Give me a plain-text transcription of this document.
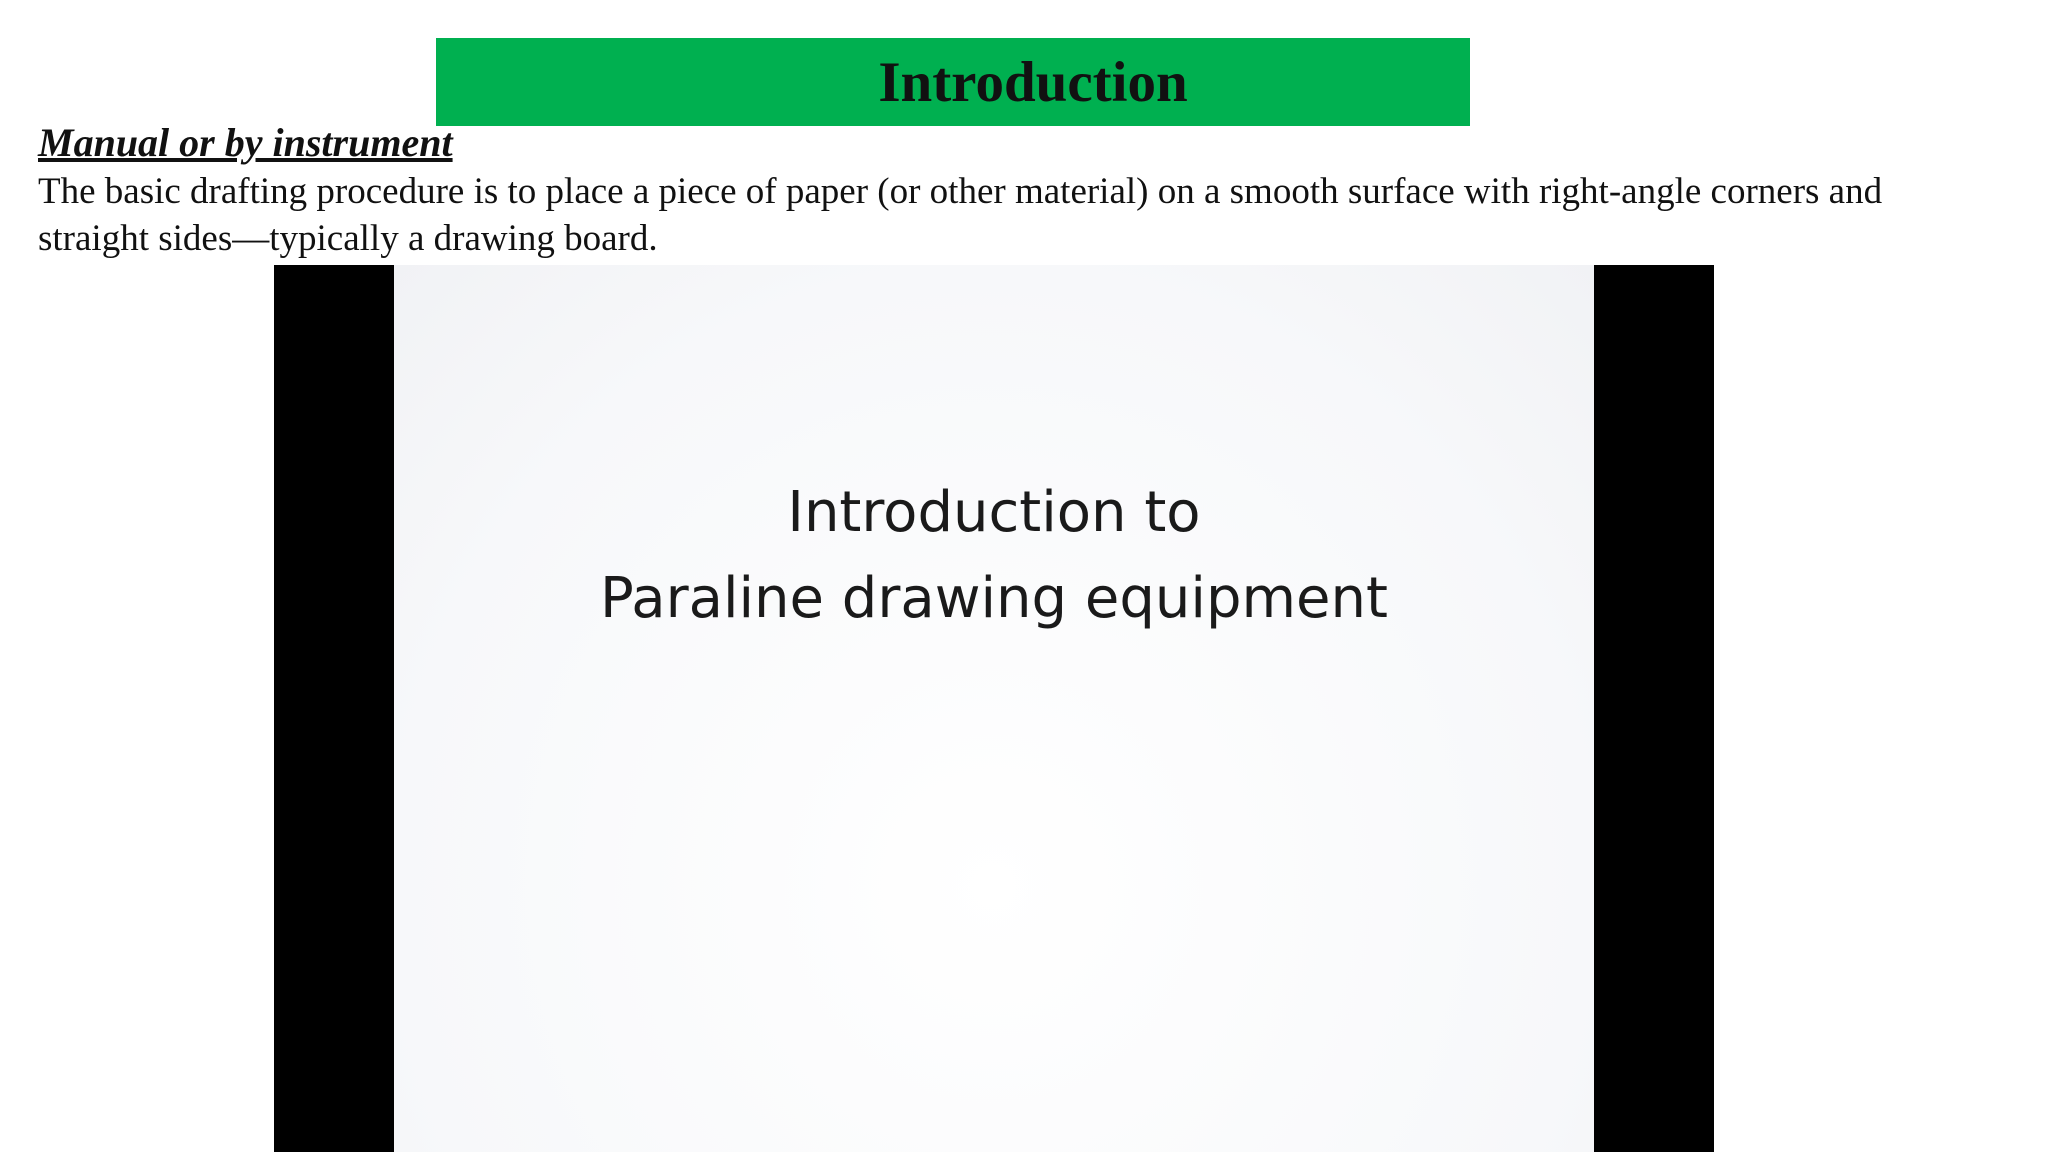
Introduction
Manual or by instrument
The basic drafting procedure is to place a piece of paper (or other material) on a smooth surface with right-angle corners and straight sides—typically a drawing board.
Introduction to
Paraline drawing equipment
